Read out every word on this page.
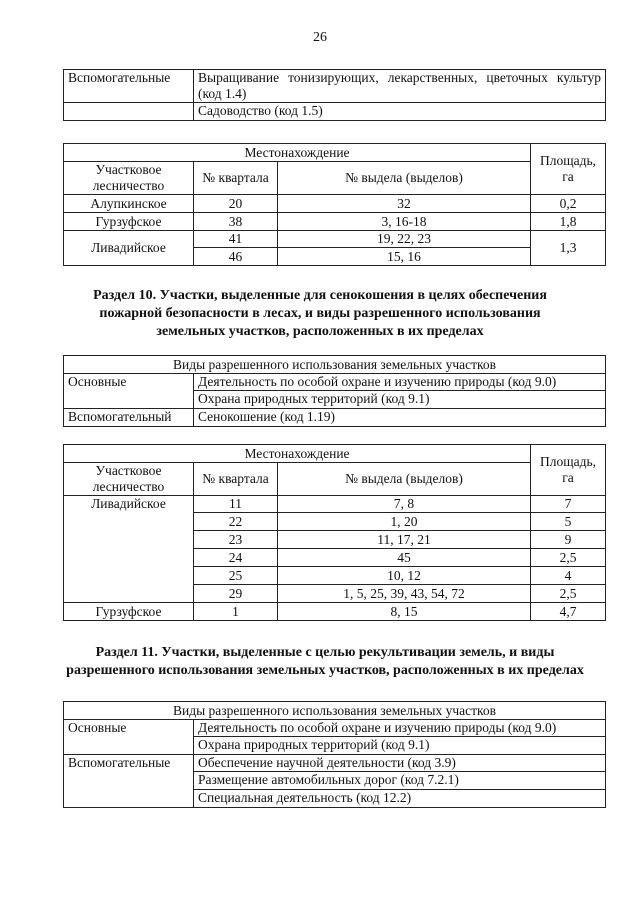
26
Вспомогательные	Выращивание тонизирующих, лекарственных, цветочных культур (код 1.4)
	Садоводство (код 1.5)
Местонахождение			Площадь, га
Участковое лесничество	№ квартала	№ выдела (выделов)	
Алупкинское	20	32	0,2
Гурзуфское	38	3, 16-18	1,8
Ливадийское	41	19, 22, 23	1,3
	46	15, 16	
Раздел 10. Участки, выделенные для сенокошения в целях обеспечения
пожарной безопасности в лесах, и виды разрешенного использования
земельных участков, расположенных в их пределах
Виды разрешенного использования земельных участков	
Основные	Деятельность по особой охране и изучению природы (код 9.0)
	Охрана природных территорий (код 9.1)
Вспомогательный	Сенокошение (код 1.19)
Местонахождение			Площадь, га
Участковое лесничество	№ квартала	№ выдела (выделов)	
Ливадийское	11	7, 8	7
	22	1, 20	5
	23	11, 17, 21	9
	24	45	2,5
	25	10, 12	4
	29	1, 5, 25, 39, 43, 54, 72	2,5
Гурзуфское	1	8, 15	4,7
Раздел 11. Участки, выделенные с целью рекультивации земель, и виды
разрешенного использования земельных участков, расположенных в их пределах
Виды разрешенного использования земельных участков	
Основные	Деятельность по особой охране и изучению природы (код 9.0)
	Охрана природных территорий (код 9.1)
Вспомогательные	Обеспечение научной деятельности (код 3.9)
	Размещение автомобильных дорог (код 7.2.1)
	Специальная деятельность (код 12.2)
